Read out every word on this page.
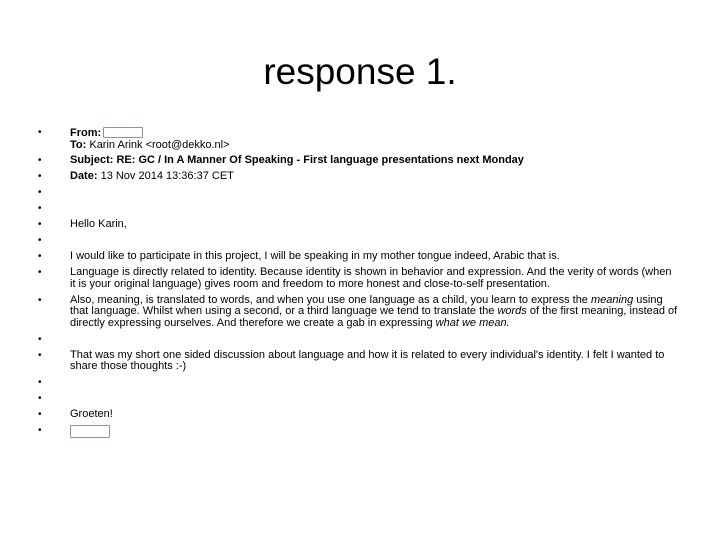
response 1.
•	From:
To: Karin Arink <root@dekko.nl>
•	Subject: RE: GC / In A Manner Of Speaking - First language presentations next Monday
•	Date: 13 Nov 2014 13:36:37 CET
•
•
•	Hello Karin,
•
•	I would like to participate in this project, I will be speaking in my mother tongue indeed, Arabic that is.
•	Language is directly related to identity. Because identity is shown in behavior and expression. And the verity of words (when it is your original language) gives room and freedom to more honest and close-to-self presentation.
•	Also, meaning, is translated to words, and when you use one language as a child, you learn to express the meaning using that language. Whilst when using a second, or a third language we tend to translate the words of the first meaning, instead of directly expressing ourselves. And therefore we create a gab in expressing what we mean.
•
•	That was my short one sided discussion about language and how it is related to every individual's identity. I felt I wanted to share those thoughts :-)
•
•
•	Groeten!
•
